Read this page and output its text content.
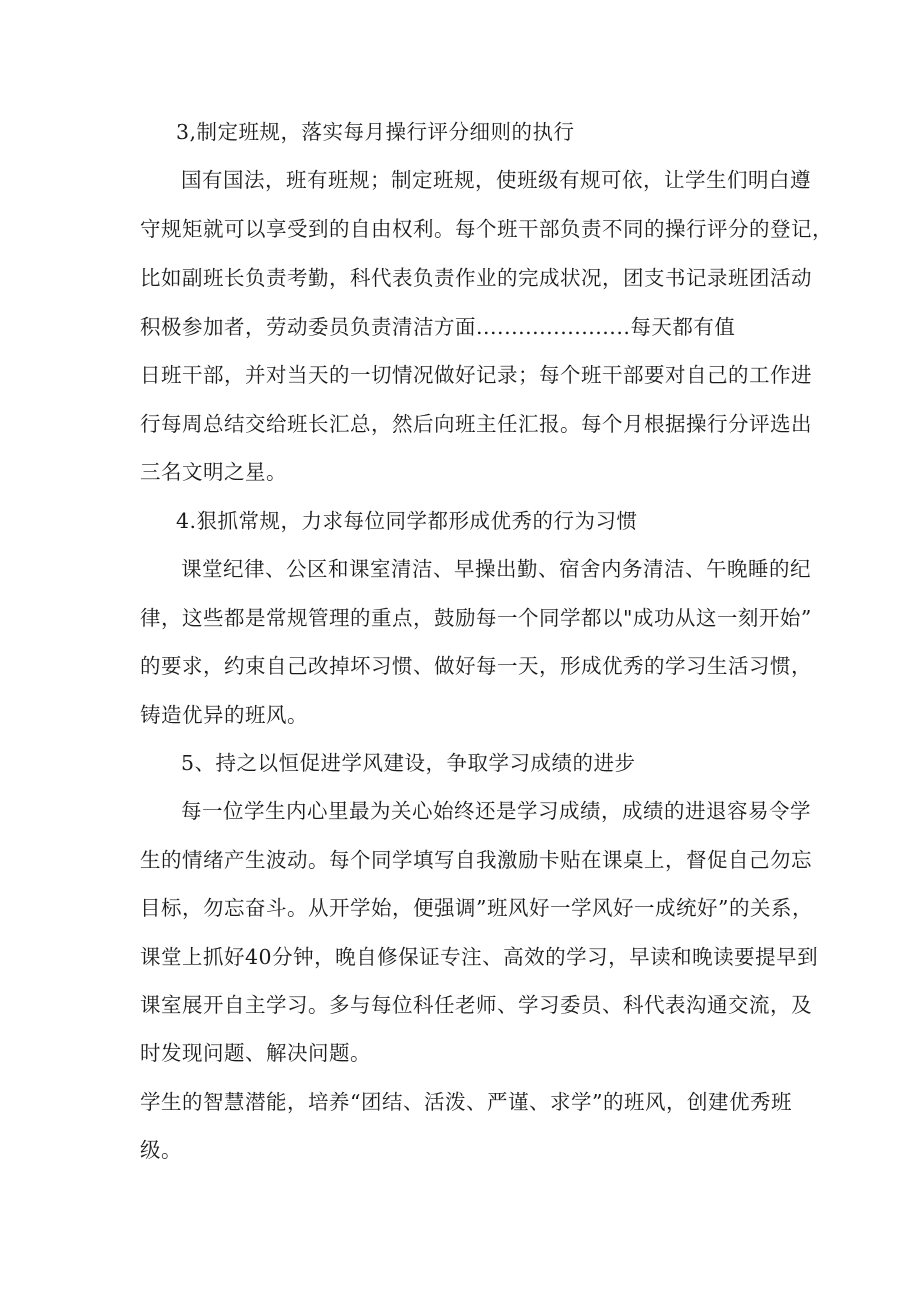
3,制定班规，落实每月操行评分细则的执行
国有国法，班有班规；制定班规，使班级有规可依，让学生们明白遵
守规矩就可以享受到的自由权利。每个班干部负责不同的操行评分的登记，
比如副班长负责考勤，科代表负责作业的完成状况，团支书记录班团活动
积极参加者，劳动委员负责清洁方面......................每天都有值
日班干部，并对当天的一切情况做好记录；每个班干部要对自己的工作进
行每周总结交给班长汇总，然后向班主任汇报。每个月根据操行分评选出
三名文明之星。
4.狠抓常规，力求每位同学都形成优秀的行为习惯
课堂纪律、公区和课室清洁、早操出勤、宿舍内务清洁、午晚睡的纪
律，这些都是常规管理的重点，鼓励每一个同学都以"成功从这一刻开始”
的要求，约束自己改掉坏习惯、做好每一天，形成优秀的学习生活习惯，
铸造优异的班风。
5、持之以恒促进学风建设，争取学习成绩的进步
每一位学生内心里最为关心始终还是学习成绩，成绩的进退容易令学
生的情绪产生波动。每个同学填写自我激励卡贴在课桌上，督促自己勿忘
目标，勿忘奋斗。从开学始，便强调”班风好一学风好一成统好”的关系，
课堂上抓好40分钟，晚自修保证专注、高效的学习，早读和晚读要提早到
课室展开自主学习。多与每位科任老师、学习委员、科代表沟通交流，及
时发现问题、解决问题。
学生的智慧潜能，培养“团结、活泼、严谨、求学”的班风，创建优秀班
级。
